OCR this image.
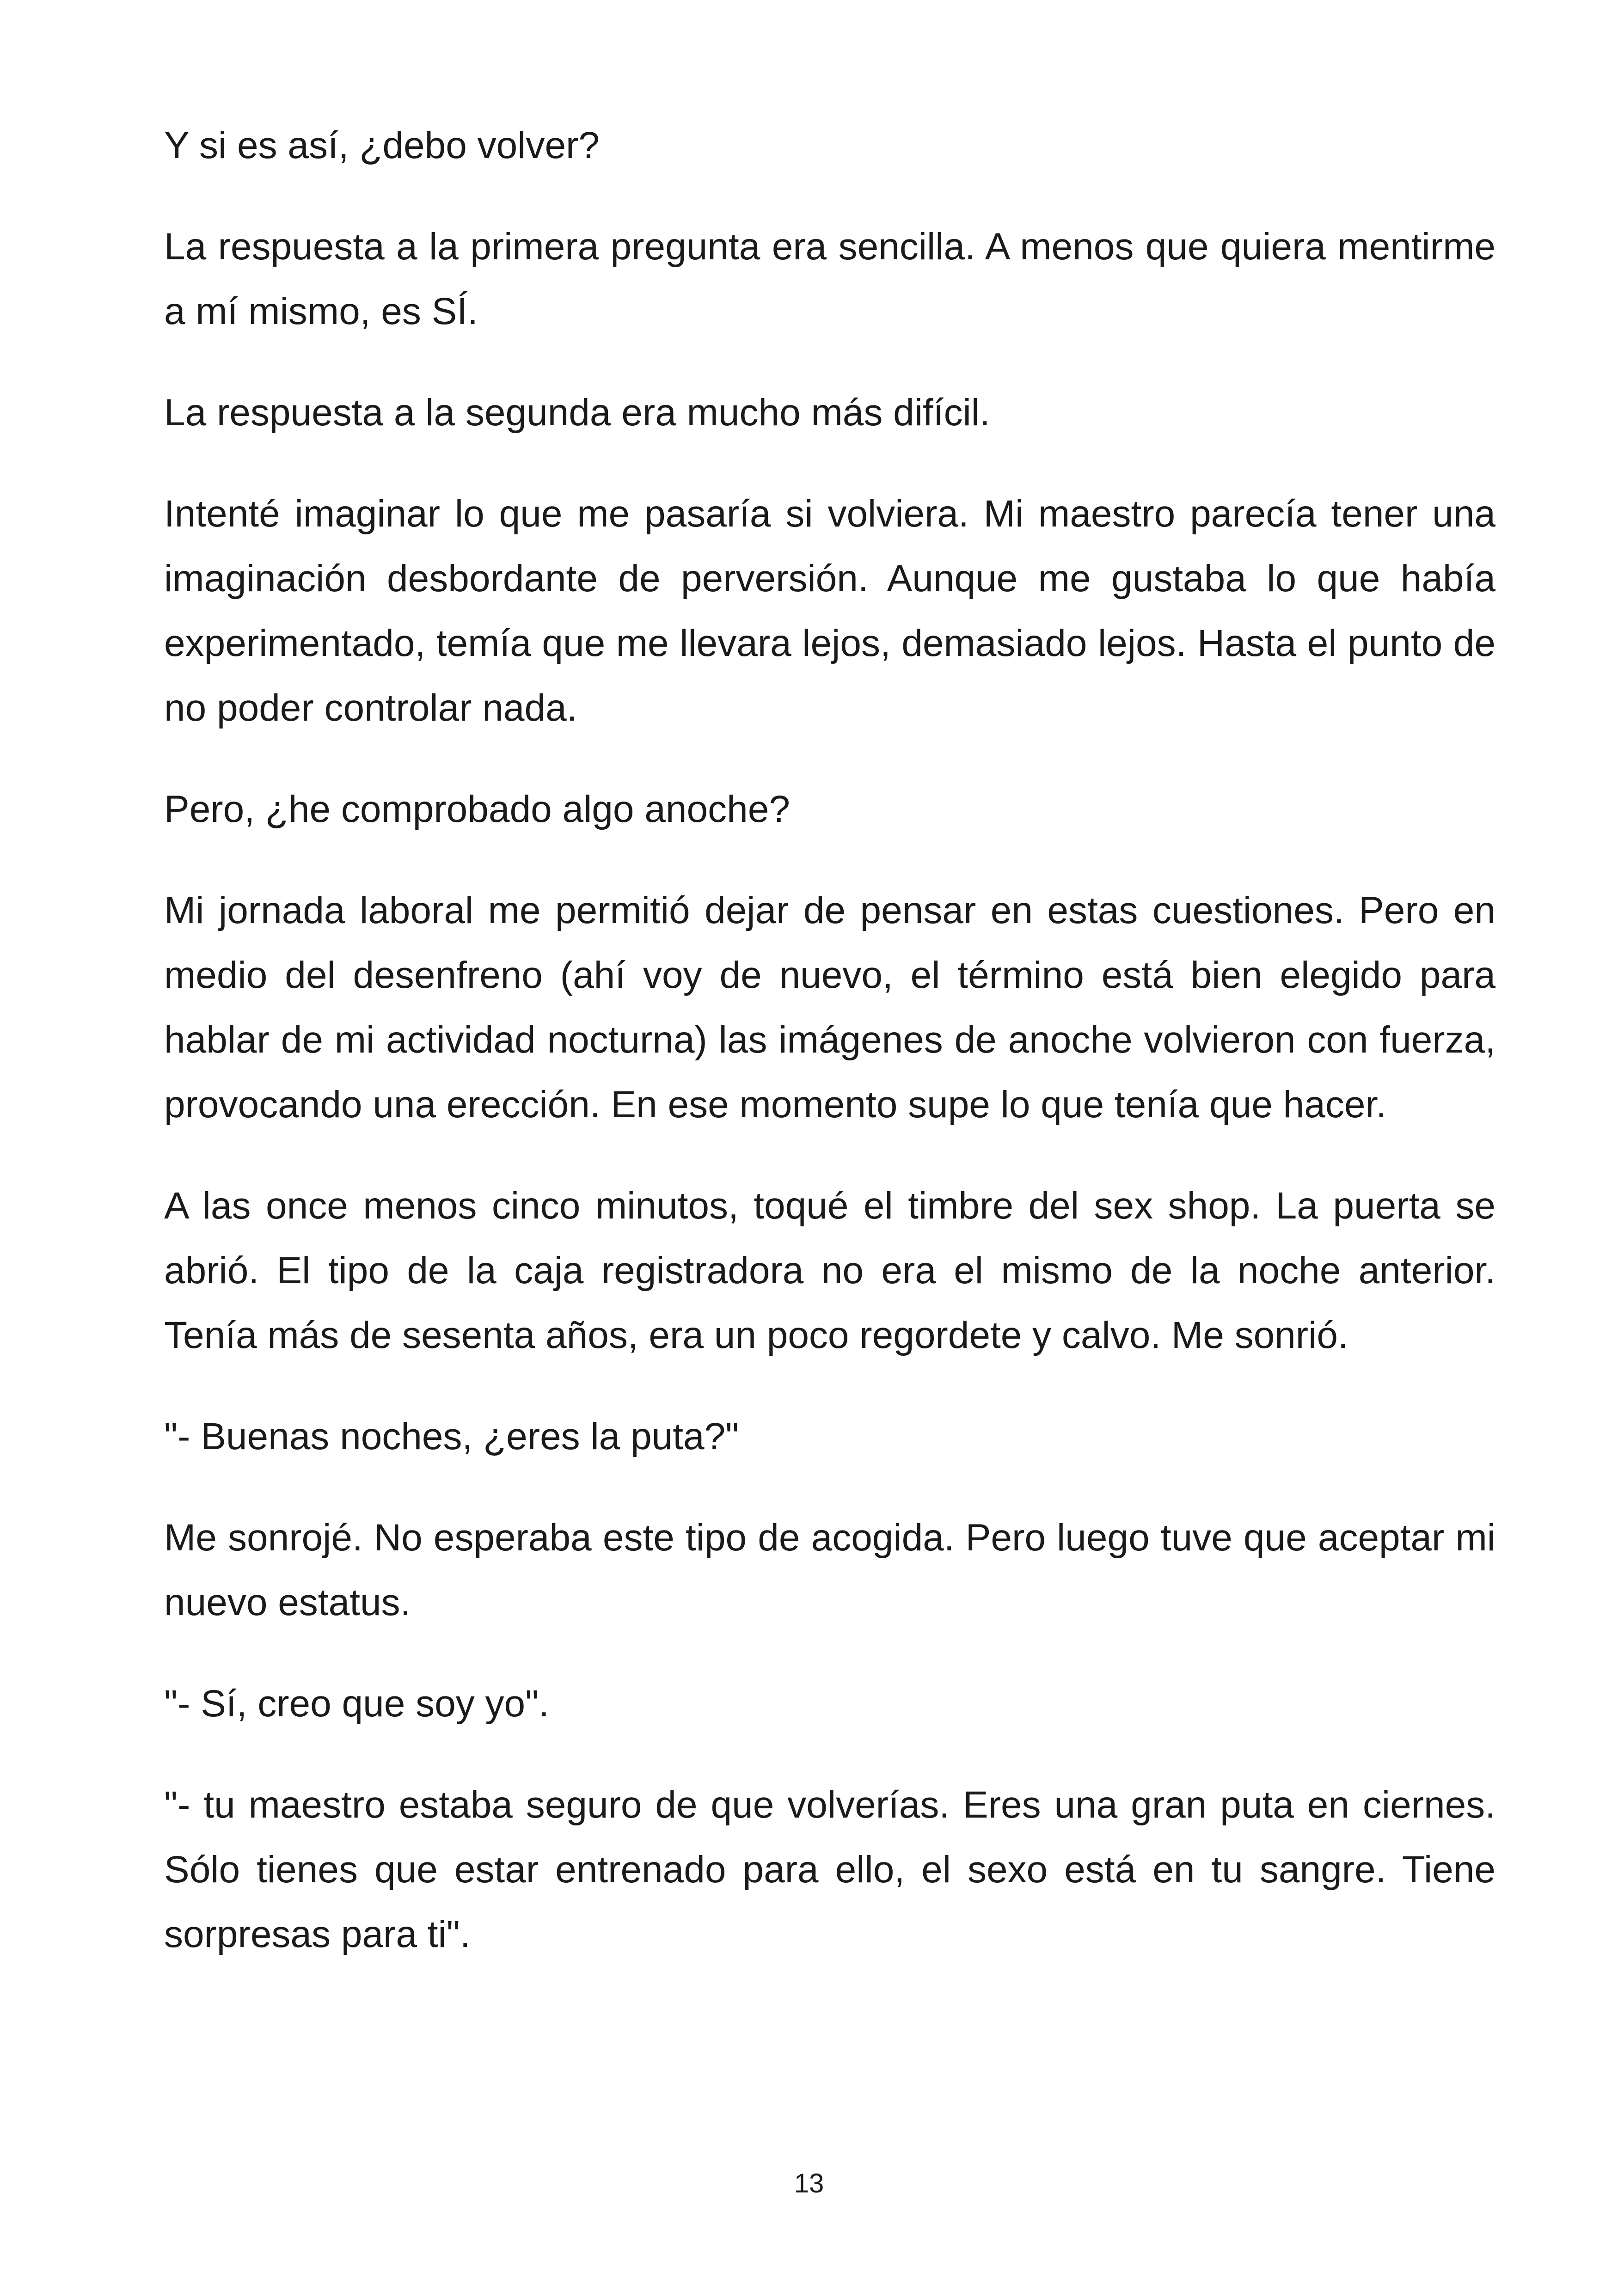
Y si es así, ¿debo volver?

La respuesta a la primera pregunta era sencilla. A menos que quiera mentirme a mí mismo, es SÍ.

La respuesta a la segunda era mucho más difícil.

Intenté imaginar lo que me pasaría si volviera. Mi maestro parecía tener una imaginación desbordante de perversión. Aunque me gustaba lo que había experimentado, temía que me llevara lejos, demasiado lejos. Hasta el punto de no poder controlar nada.

Pero, ¿he comprobado algo anoche?

Mi jornada laboral me permitió dejar de pensar en estas cuestiones. Pero en medio del desenfreno (ahí voy de nuevo, el término está bien elegido para hablar de mi actividad nocturna) las imágenes de anoche volvieron con fuerza, provocando una erección. En ese momento supe lo que tenía que hacer.

A las once menos cinco minutos, toqué el timbre del sex shop. La puerta se abrió. El tipo de la caja registradora no era el mismo de la noche anterior. Tenía más de sesenta años, era un poco regordete y calvo. Me sonrió.

"- Buenas noches, ¿eres la puta?"

Me sonrojé. No esperaba este tipo de acogida. Pero luego tuve que aceptar mi nuevo estatus.

"- Sí, creo que soy yo".

"- tu maestro estaba seguro de que volverías. Eres una gran puta en ciernes. Sólo tienes que estar entrenado para ello, el sexo está en tu sangre. Tiene sorpresas para ti".

13
